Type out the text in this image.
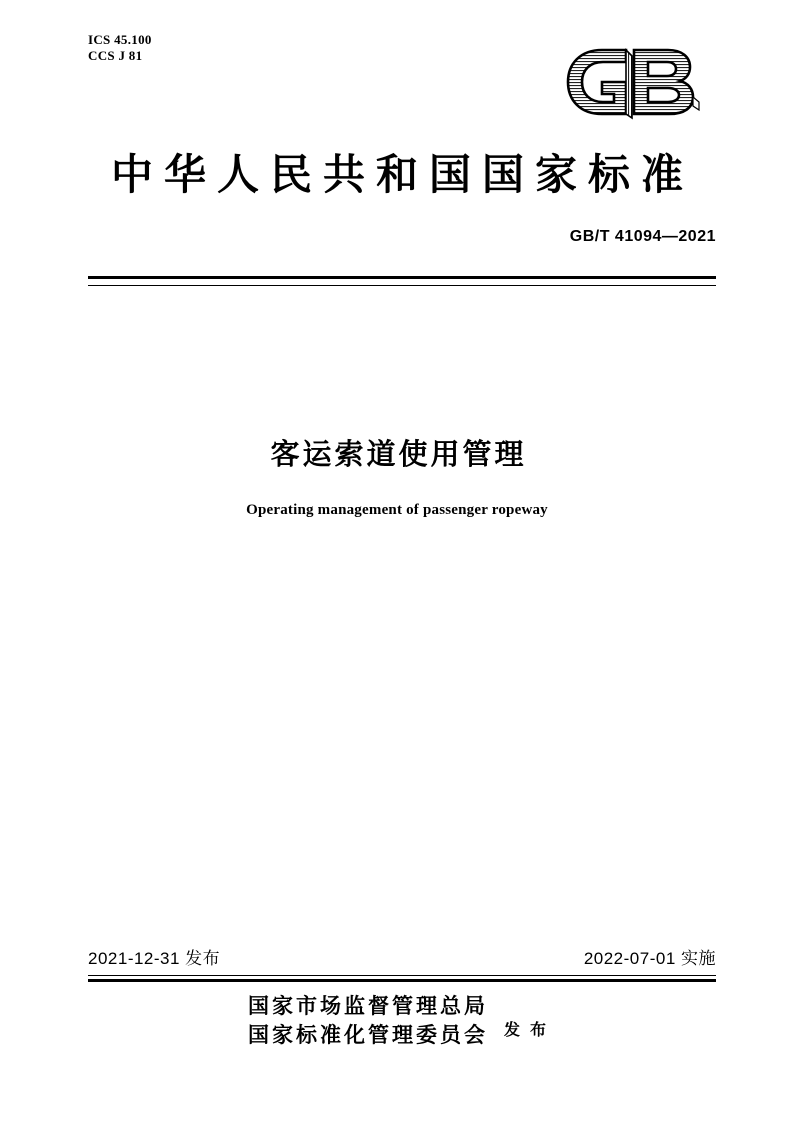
ICS 45.100
CCS J 81
中华人民共和国国家标准
GB/T 41094—2021
客运索道使用管理
Operating management of passenger ropeway
2021-12-31 发布	2022-07-01 实施
国家市场监督管理总局
国家标准化管理委员会 发 布
